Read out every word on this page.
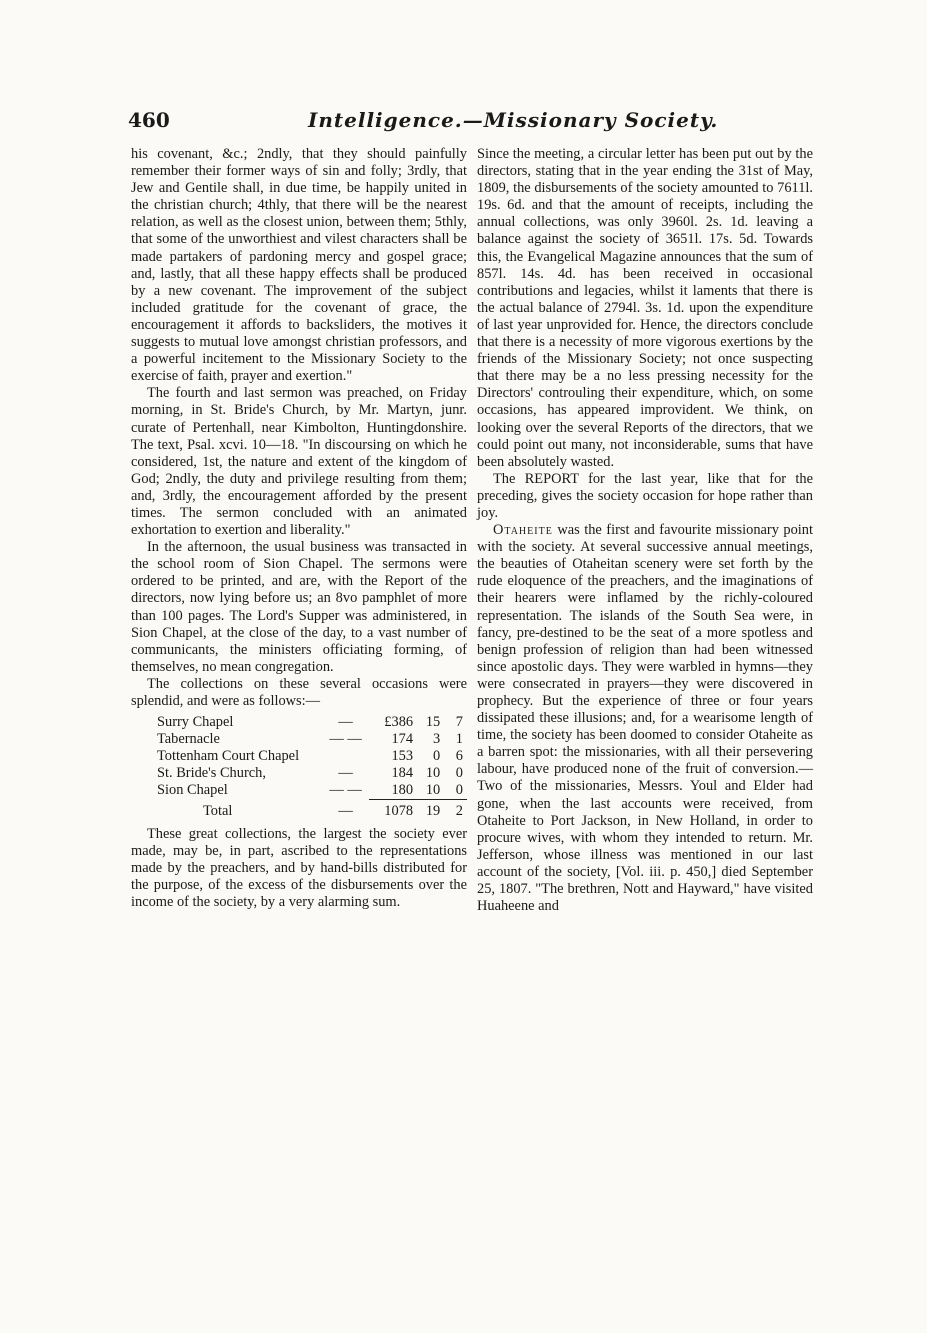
460	Intelligence.—Missionary Society.

his covenant, &c.; 2ndly, that they should painfully remember their former ways of sin and folly; 3rdly, that Jew and Gentile shall, in due time, be happily united in the christian church; 4thly, that there will be the nearest relation, as well as the closest union, between them; 5thly, that some of the unworthiest and vilest characters shall be made partakers of pardoning mercy and gospel grace; and, lastly, that all these happy effects shall be produced by a new covenant. The improvement of the subject included gratitude for the covenant of grace, the encouragement it affords to backsliders, the motives it suggests to mutual love amongst christian professors, and a powerful incitement to the Missionary Society to the exercise of faith, prayer and exertion."

The fourth and last sermon was preached, on Friday morning, in St. Bride's Church, by Mr. Martyn, junr. curate of Pertenhall, near Kimbolton, Huntingdonshire. The text, Psal. xcvi. 10—18. "In discoursing on which he considered, 1st, the nature and extent of the kingdom of God; 2ndly, the duty and privilege resulting from them; and, 3rdly, the encouragement afforded by the present times. The sermon concluded with an animated exhortation to exertion and liberality."

In the afternoon, the usual business was transacted in the school room of Sion Chapel. The sermons were ordered to be printed, and are, with the Report of the directors, now lying before us; an 8vo pamphlet of more than 100 pages. The Lord's Supper was administered, in Sion Chapel, at the close of the day, to a vast number of communicants, the ministers officiating forming, of themselves, no mean congregation.

The collections on these several occasions were splendid, and were as follows:—

Surry Chapel	—	£386	15	7
Tabernacle	— —	174	3	1
Tottenham Court Chapel		153	0	6
St. Bride's Church,	—	184	10	0
Sion Chapel	— —	180	10	0
Total	—	1078	19	2

These great collections, the largest the society ever made, may be, in part, ascribed to the representations made by the preachers, and by hand-bills distributed for the purpose, of the excess of the disbursements over the income of the society, by a very alarming sum.

Since the meeting, a circular letter has been put out by the directors, stating that in the year ending the 31st of May, 1809, the disbursements of the society amounted to 7611l. 19s. 6d. and that the amount of receipts, including the annual collections, was only 3960l. 2s. 1d. leaving a balance against the society of 3651l. 17s. 5d. Towards this, the Evangelical Magazine announces that the sum of 857l. 14s. 4d. has been received in occasional contributions and legacies, whilst it laments that there is the actual balance of 2794l. 3s. 1d. upon the expenditure of last year unprovided for. Hence, the directors conclude that there is a necessity of more vigorous exertions by the friends of the Missionary Society; not once suspecting that there may be a no less pressing necessity for the Directors' controuling their expenditure, which, on some occasions, has appeared improvident. We think, on looking over the several Reports of the directors, that we could point out many, not inconsiderable, sums that have been absolutely wasted.

The REPORT for the last year, like that for the preceding, gives the society occasion for hope rather than joy.

Otaheite was the first and favourite missionary point with the society. At several successive annual meetings, the beauties of Otaheitan scenery were set forth by the rude eloquence of the preachers, and the imaginations of their hearers were inflamed by the richly-coloured representation. The islands of the South Sea were, in fancy, pre-destined to be the seat of a more spotless and benign profession of religion than had been witnessed since apostolic days. They were warbled in hymns—they were consecrated in prayers—they were discovered in prophecy. But the experience of three or four years dissipated these illusions; and, for a wearisome length of time, the society has been doomed to consider Otaheite as a barren spot: the missionaries, with all their persevering labour, have produced none of the fruit of conversion.—Two of the missionaries, Messrs. Youl and Elder had gone, when the last accounts were received, from Otaheite to Port Jackson, in New Holland, in order to procure wives, with whom they intended to return. Mr. Jefferson, whose illness was mentioned in our last account of the society, [Vol. iii. p. 450,] died September 25, 1807. "The brethren, Nott and Hayward," have visited Huaheene and
